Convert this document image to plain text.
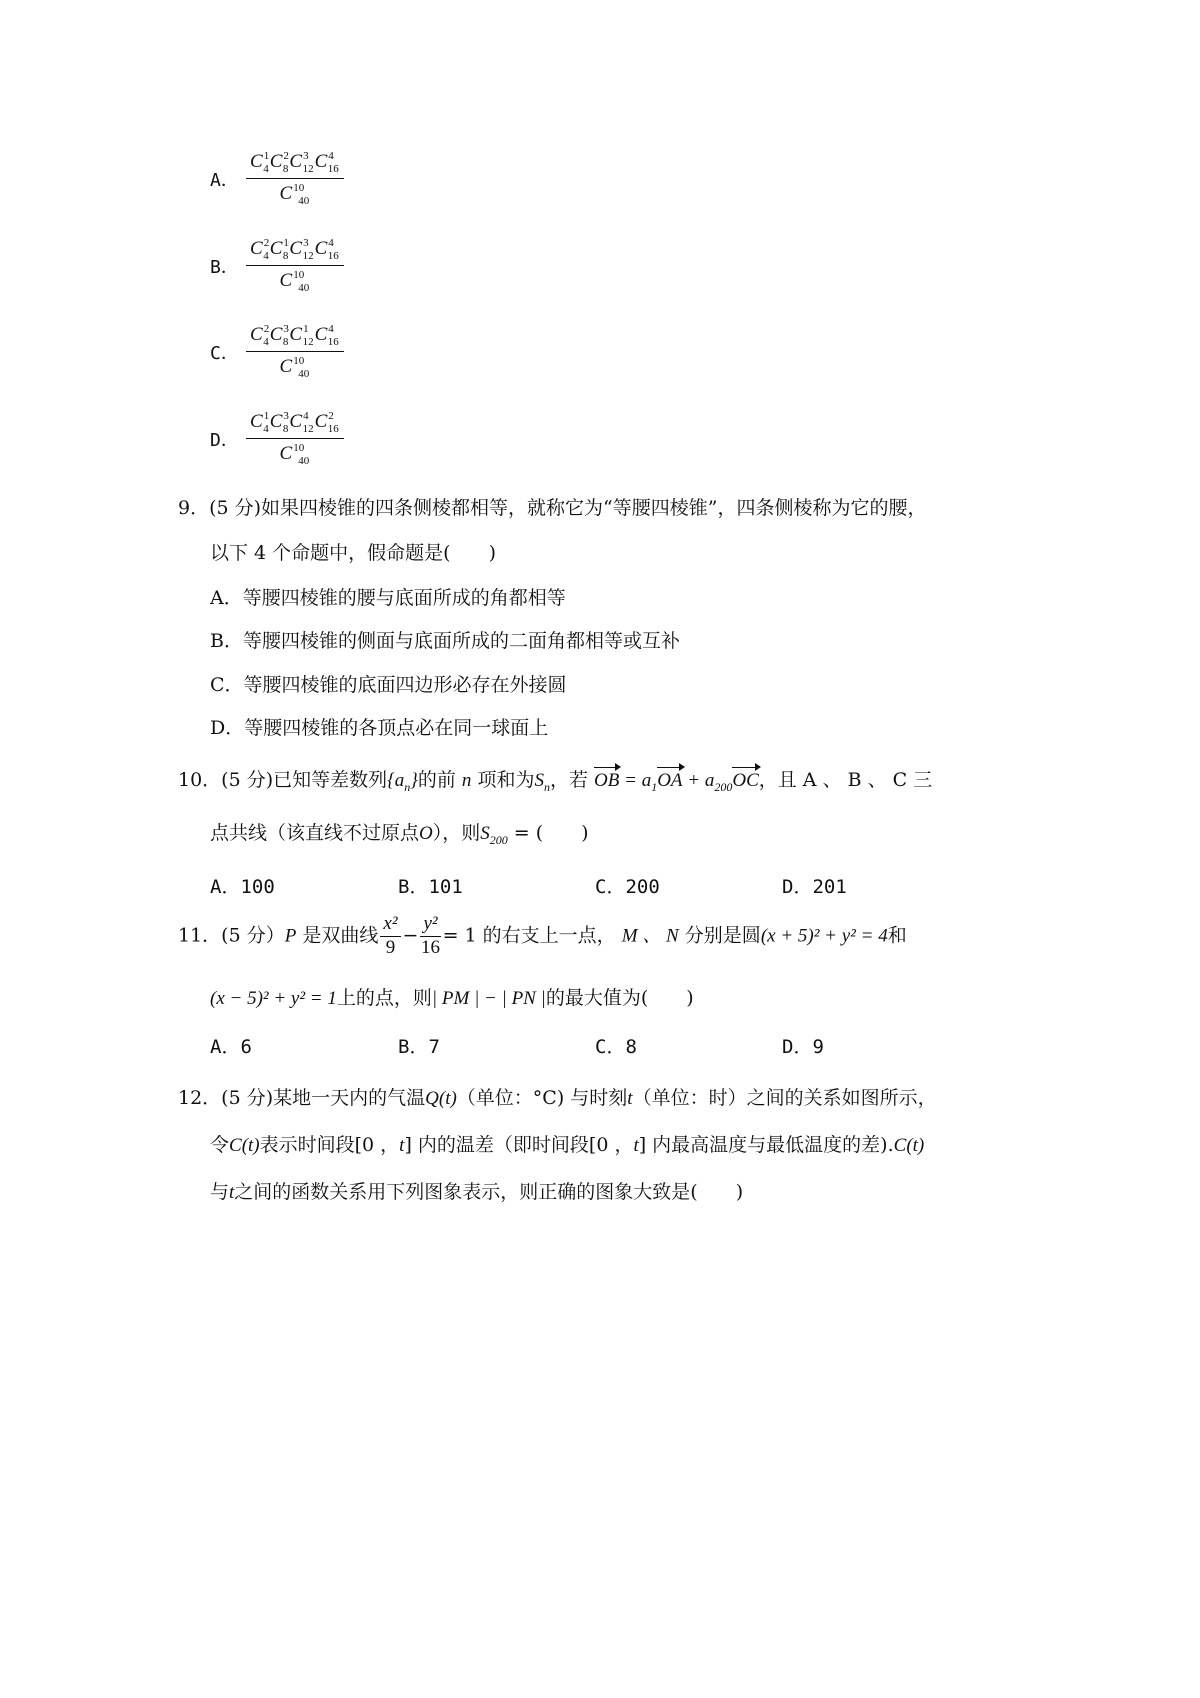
A． $\frac{C^1_4C^2_8C^3_{12}C^4_{16}}{C^{10}_{40}}$
B． $\frac{C^2_4C^1_8C^3_{12}C^4_{16}}{C^{10}_{40}}$
C． $\frac{C^2_4C^3_8C^1_{12}C^4_{16}}{C^{10}_{40}}$
D． $\frac{C^1_4C^3_8C^4_{12}C^2_{16}}{C^{10}_{40}}$
9．(5 分)如果四棱锥的四条侧棱都相等，就称它为“等腰四棱锥”，四条侧棱称为它的腰，
以下 4 个命题中，假命题是(　　)
A．等腰四棱锥的腰与底面所成的角都相等
B．等腰四棱锥的侧面与底面所成的二面角都相等或互补
C．等腰四棱锥的底面四边形必存在外接圆
D．等腰四棱锥的各顶点必在同一球面上
10．(5 分)已知等差数列$\{a_n\}$的前 n 项和为$S_n$，若 OB = $a_1OA + a_{200}OC$，且 A 、 B 、 C 三
点共线（该直线不过原点O），则$S_{200}$ = (　　)
A．100	B．101	C．200	D．201
11．(5 分）P 是双曲线 $\frac{\text{x²}}{9} - \frac{\text{y²}}{16} = 1$ 的右支上一点， M 、 N 分别是圆(x + 5)² + y² = 4和
(x − 5)² + y² = 1上的点，则| PM | − | PN |的最大值为(　　)
A．6	B．7	C．8	D．9
12．(5 分)某地一天内的气温Q(t)（单位：°C) 与时刻t（单位：时）之间的关系如图所示，
令C(t)表示时间段[0 ，t] 内的温差（即时间段[0 ，t] 内最高温度与最低温度的差).C(t)
与t之间的函数关系用下列图象表示，则正确的图象大致是(　　)
